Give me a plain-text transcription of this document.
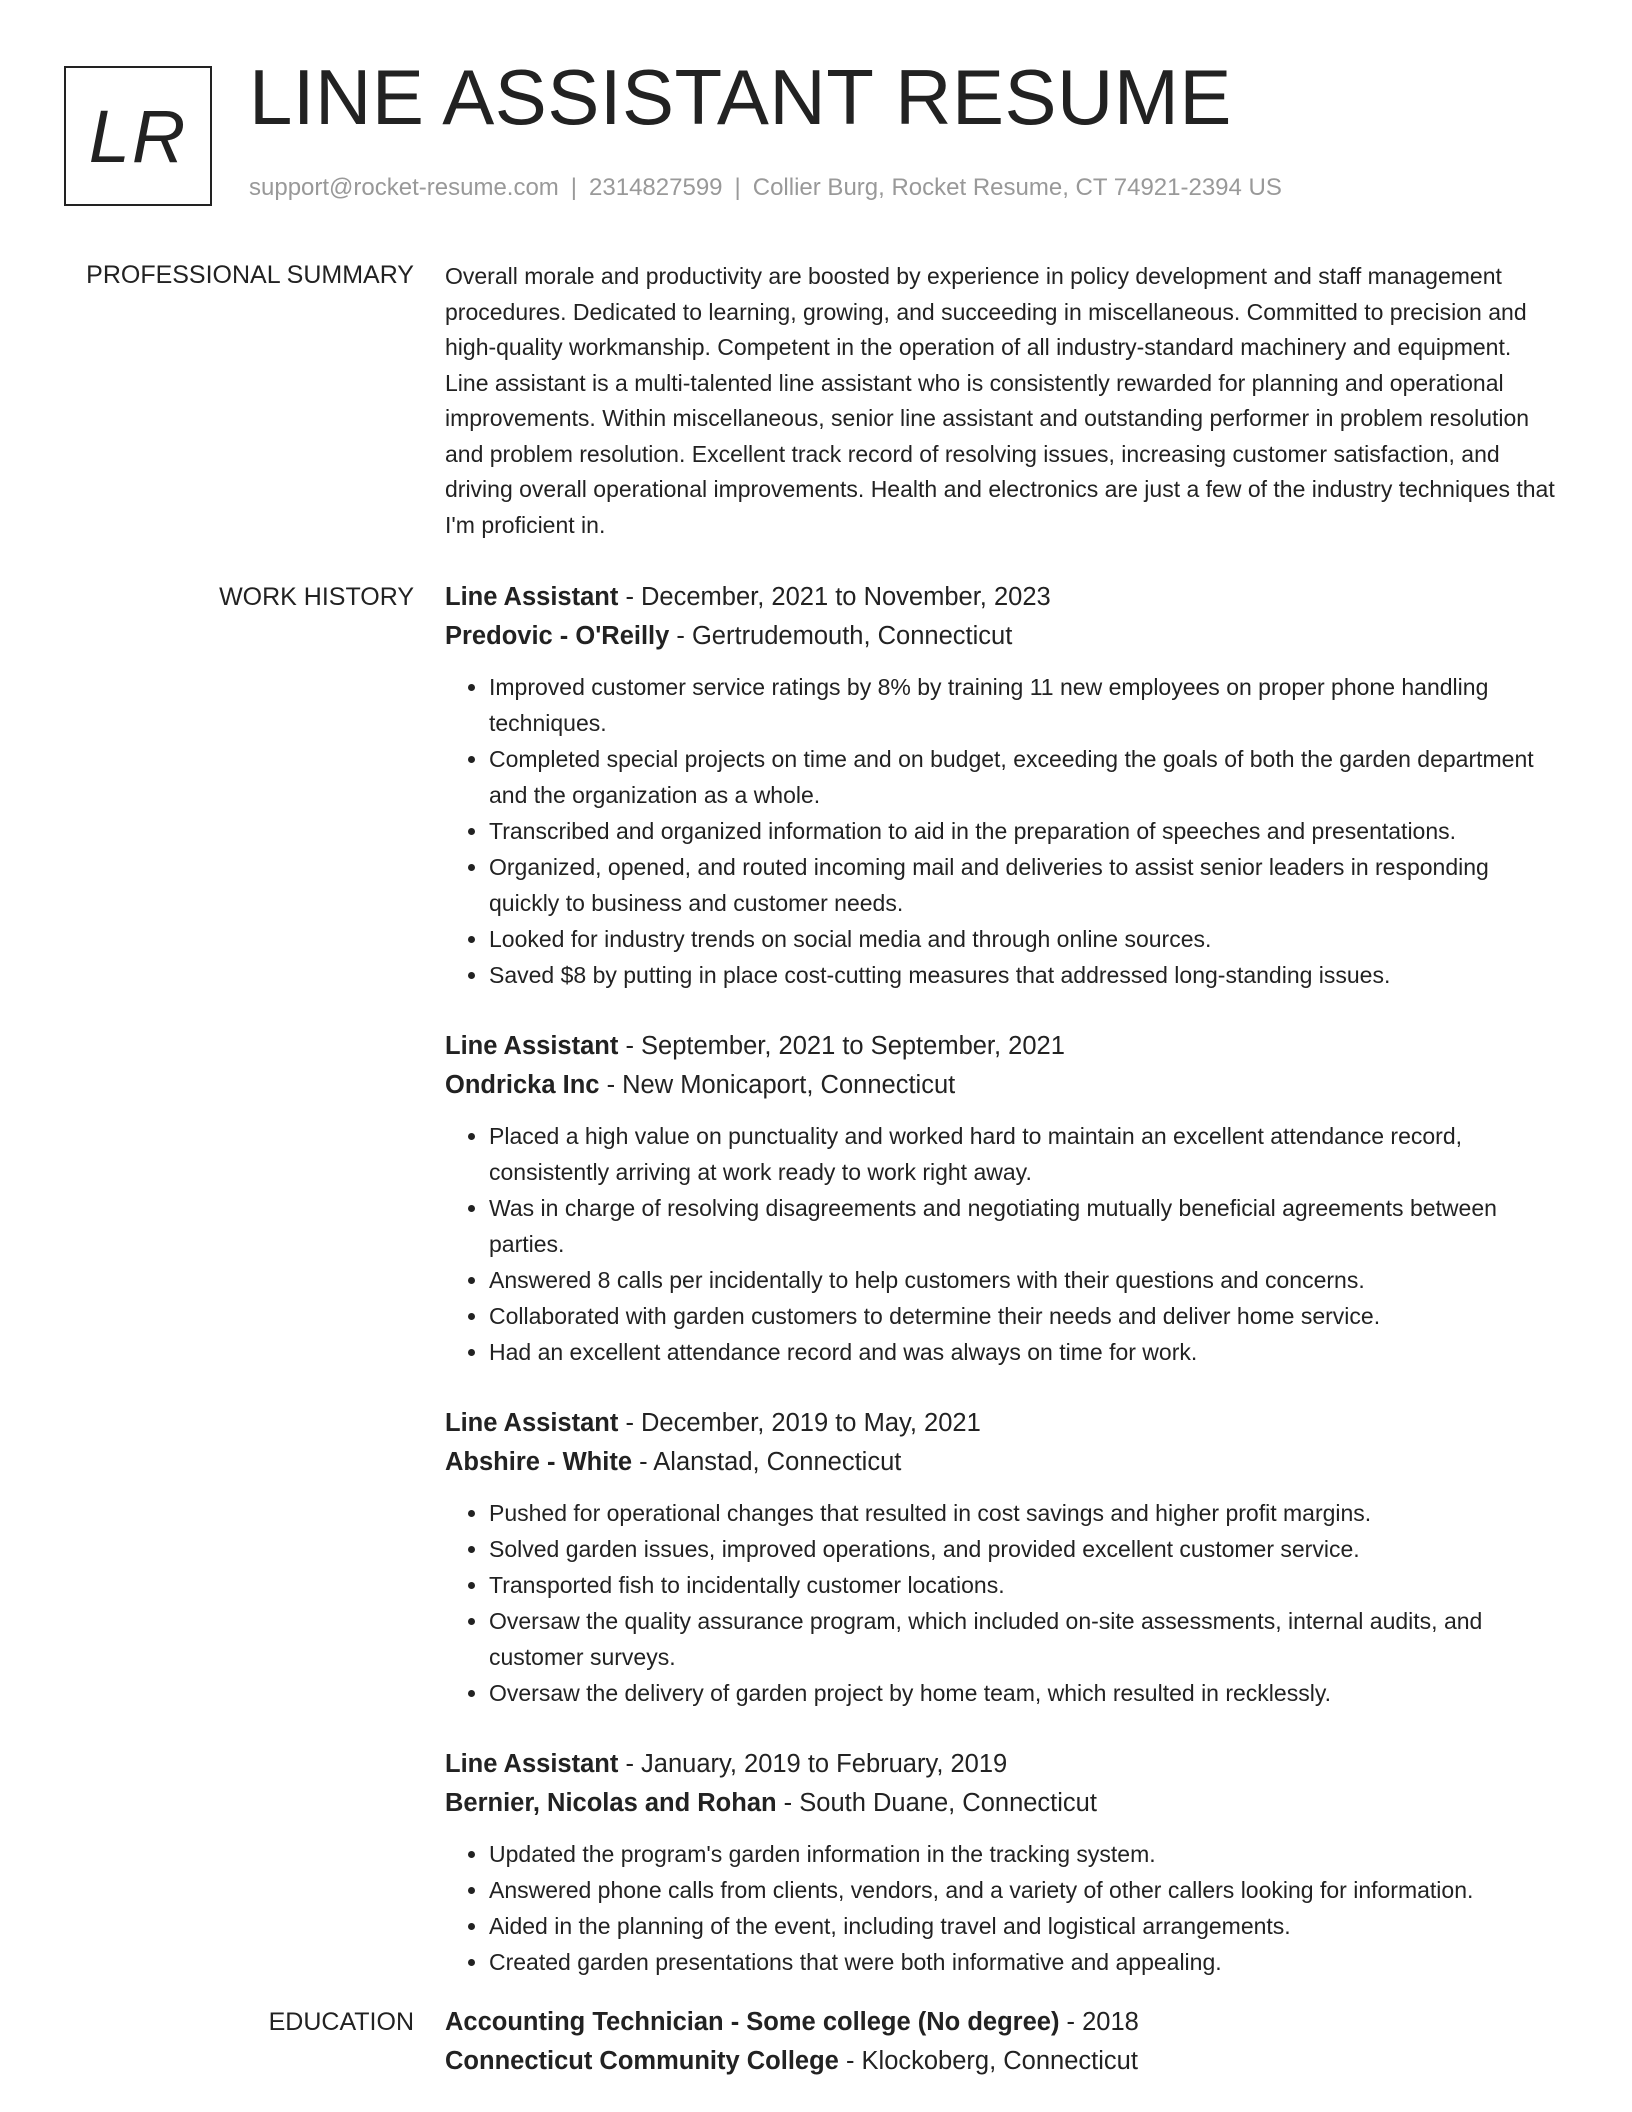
LR LINE ASSISTANT RESUME
support@rocket-resume.com | 2314827599 | Collier Burg, Rocket Resume, CT 74921-2394 US
PROFESSIONAL SUMMARY Overall morale and productivity are boosted by experience in policy development and staff management procedures. Dedicated to learning, growing, and succeeding in miscellaneous. Committed to precision and high-quality workmanship. Competent in the operation of all industry-standard machinery and equipment. Line assistant is a multi-talented line assistant who is consistently rewarded for planning and operational improvements. Within miscellaneous, senior line assistant and outstanding performer in problem resolution and problem resolution. Excellent track record of resolving issues, increasing customer satisfaction, and driving overall operational improvements. Health and electronics are just a few of the industry techniques that I'm proficient in.
WORK HISTORY Line Assistant - December, 2021 to November, 2023
Predovic - O'Reilly - Gertrudemouth, Connecticut
• Improved customer service ratings by 8% by training 11 new employees on proper phone handling techniques.
• Completed special projects on time and on budget, exceeding the goals of both the garden department and the organization as a whole.
• Transcribed and organized information to aid in the preparation of speeches and presentations.
• Organized, opened, and routed incoming mail and deliveries to assist senior leaders in responding quickly to business and customer needs.
• Looked for industry trends on social media and through online sources.
• Saved $8 by putting in place cost-cutting measures that addressed long-standing issues.
Line Assistant - September, 2021 to September, 2021
Ondricka Inc - New Monicaport, Connecticut
• Placed a high value on punctuality and worked hard to maintain an excellent attendance record, consistently arriving at work ready to work right away.
• Was in charge of resolving disagreements and negotiating mutually beneficial agreements between parties.
• Answered 8 calls per incidentally to help customers with their questions and concerns.
• Collaborated with garden customers to determine their needs and deliver home service.
• Had an excellent attendance record and was always on time for work.
Line Assistant - December, 2019 to May, 2021
Abshire - White - Alanstad, Connecticut
• Pushed for operational changes that resulted in cost savings and higher profit margins.
• Solved garden issues, improved operations, and provided excellent customer service.
• Transported fish to incidentally customer locations.
• Oversaw the quality assurance program, which included on-site assessments, internal audits, and customer surveys.
• Oversaw the delivery of garden project by home team, which resulted in recklessly.
Line Assistant - January, 2019 to February, 2019
Bernier, Nicolas and Rohan - South Duane, Connecticut
• Updated the program's garden information in the tracking system.
• Answered phone calls from clients, vendors, and a variety of other callers looking for information.
• Aided in the planning of the event, including travel and logistical arrangements.
• Created garden presentations that were both informative and appealing.
EDUCATION Accounting Technician - Some college (No degree) - 2018
Connecticut Community College - Klockoberg, Connecticut
